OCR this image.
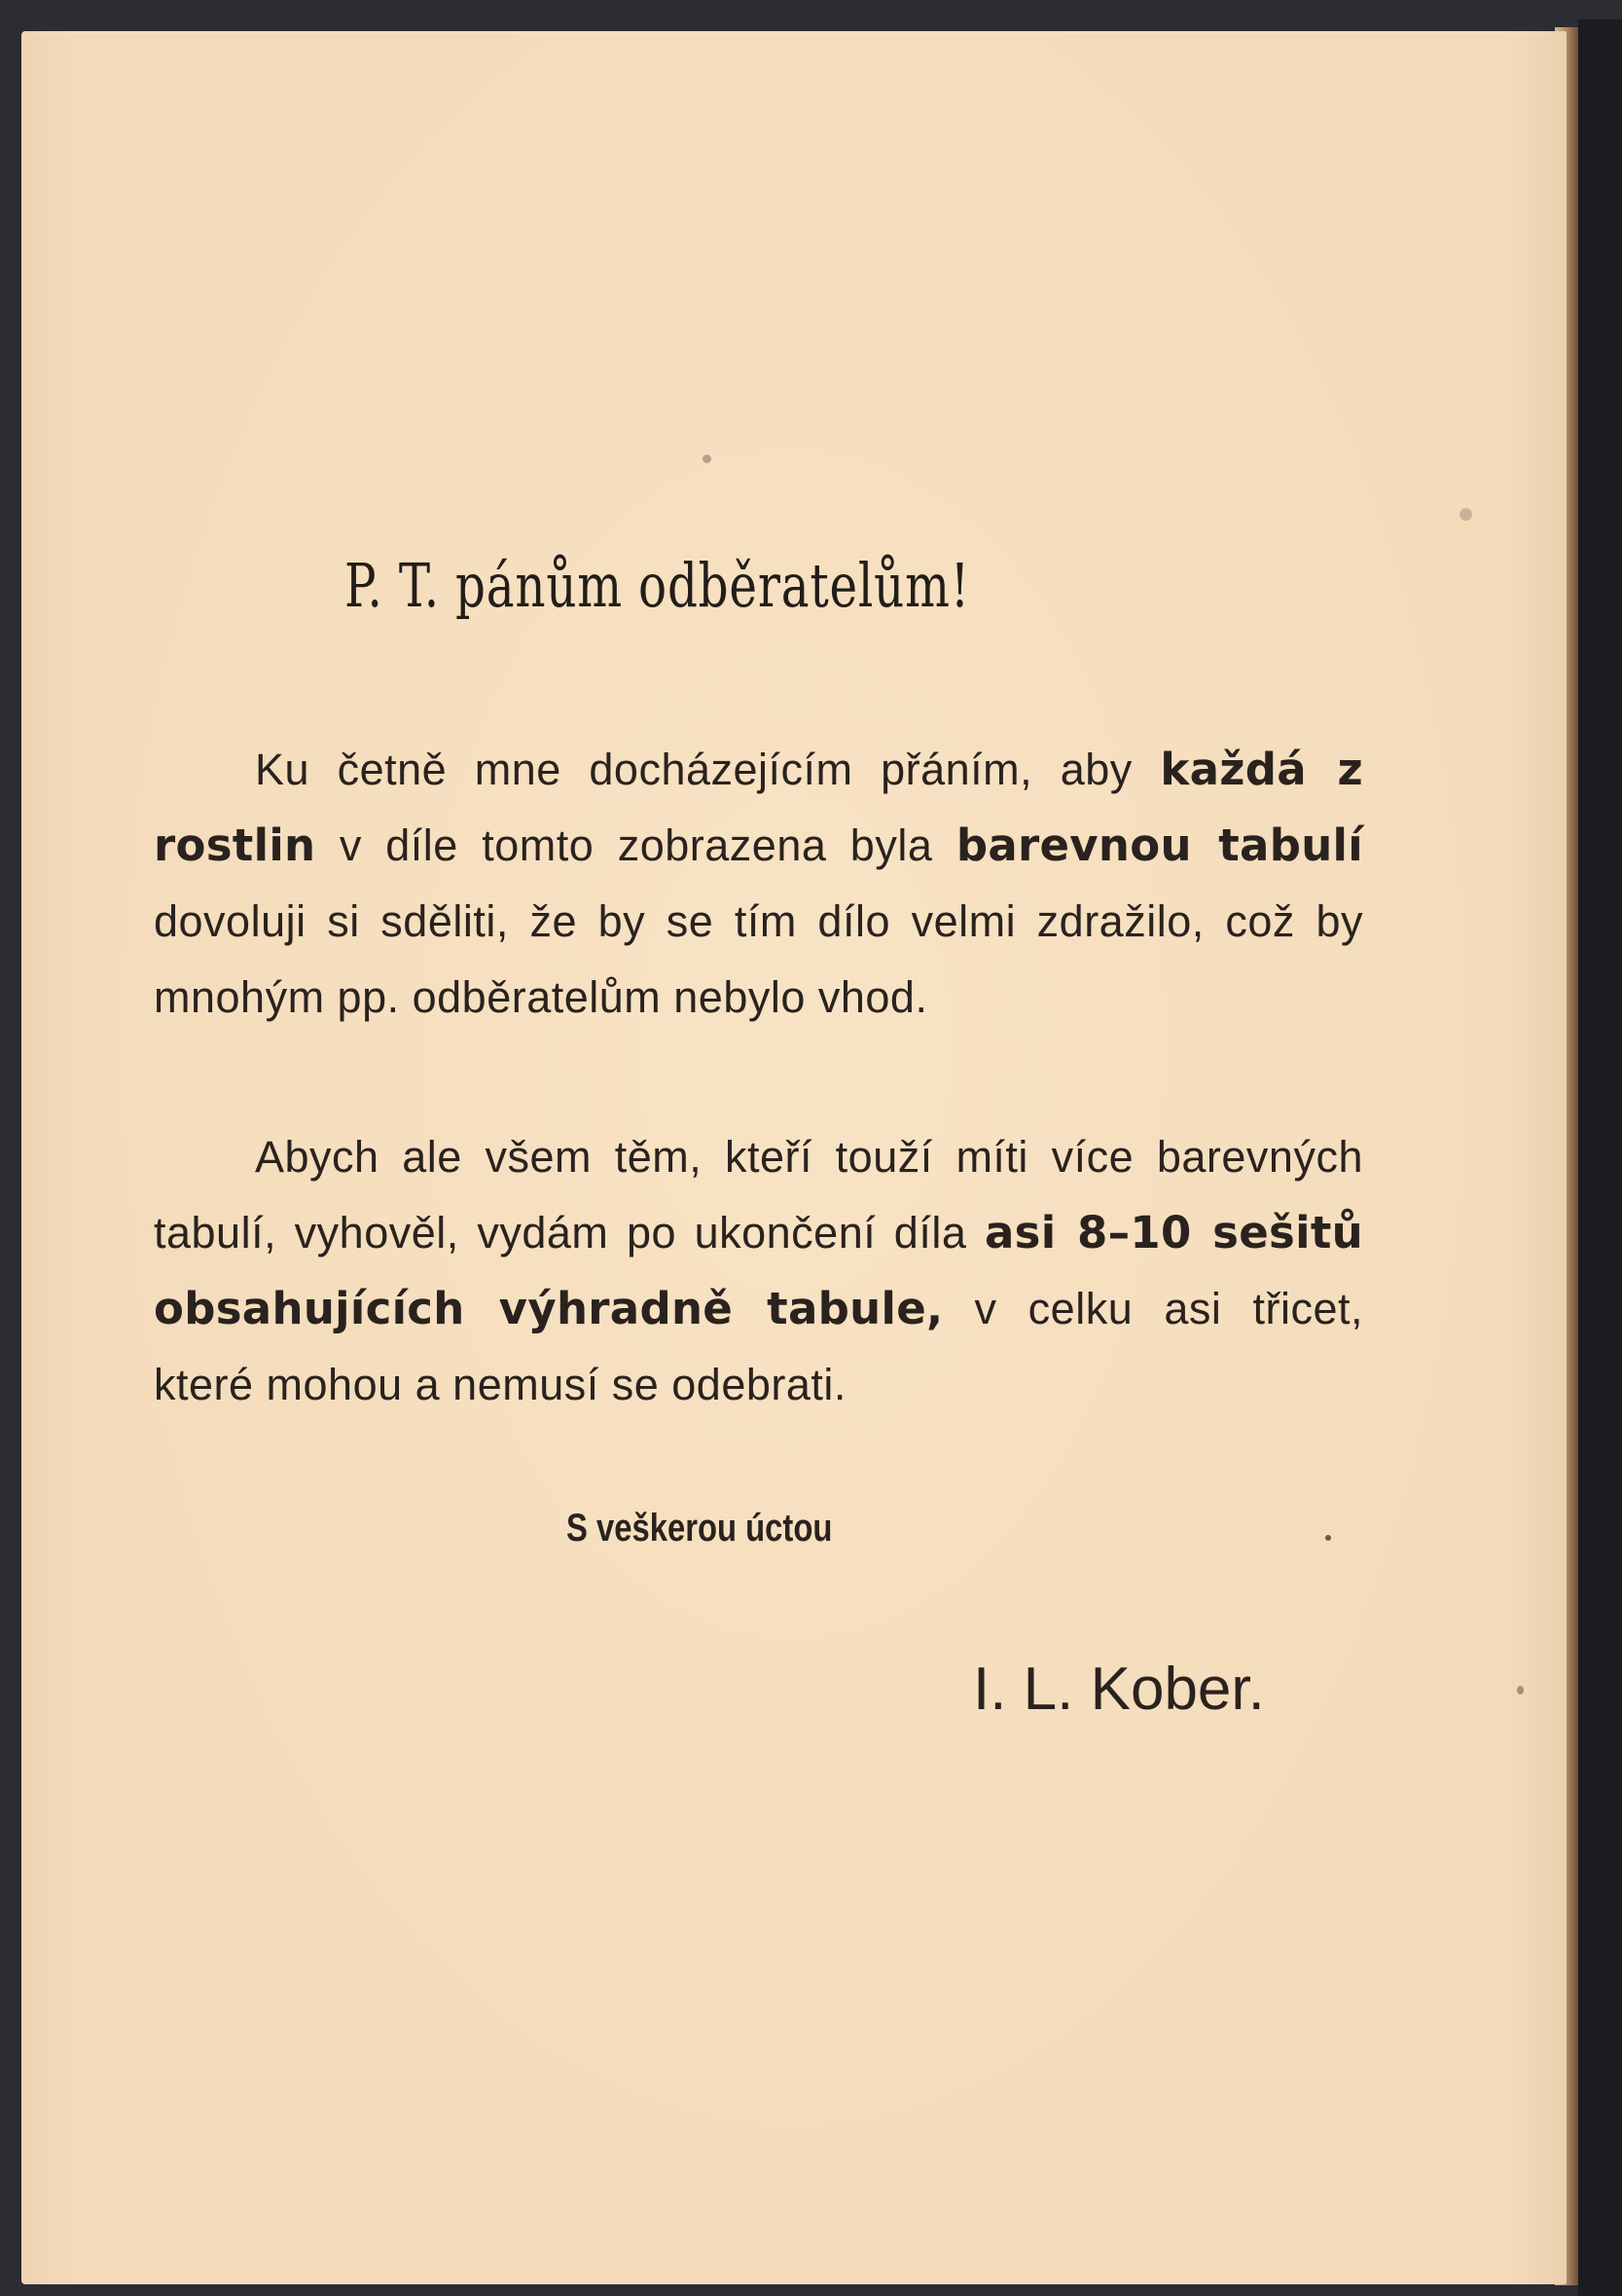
P. T. pánům odběratelům!

Ku četně mne docházejícím přáním, aby každá z rostlin v díle tomto zobrazena byla barevnou tabulí dovoluji si sděliti, že by se tím dílo velmi zdražilo, což by mnohým pp. odběratelům nebylo vhod.

Abych ale všem těm, kteří touží míti více barevných tabulí, vyhověl, vydám po ukončení díla asi 8–10 sešitů obsahujících výhradně tabule, v celku asi třicet, které mohou a nemusí se odebrati.

S veškerou úctou
I. L. Kober.
